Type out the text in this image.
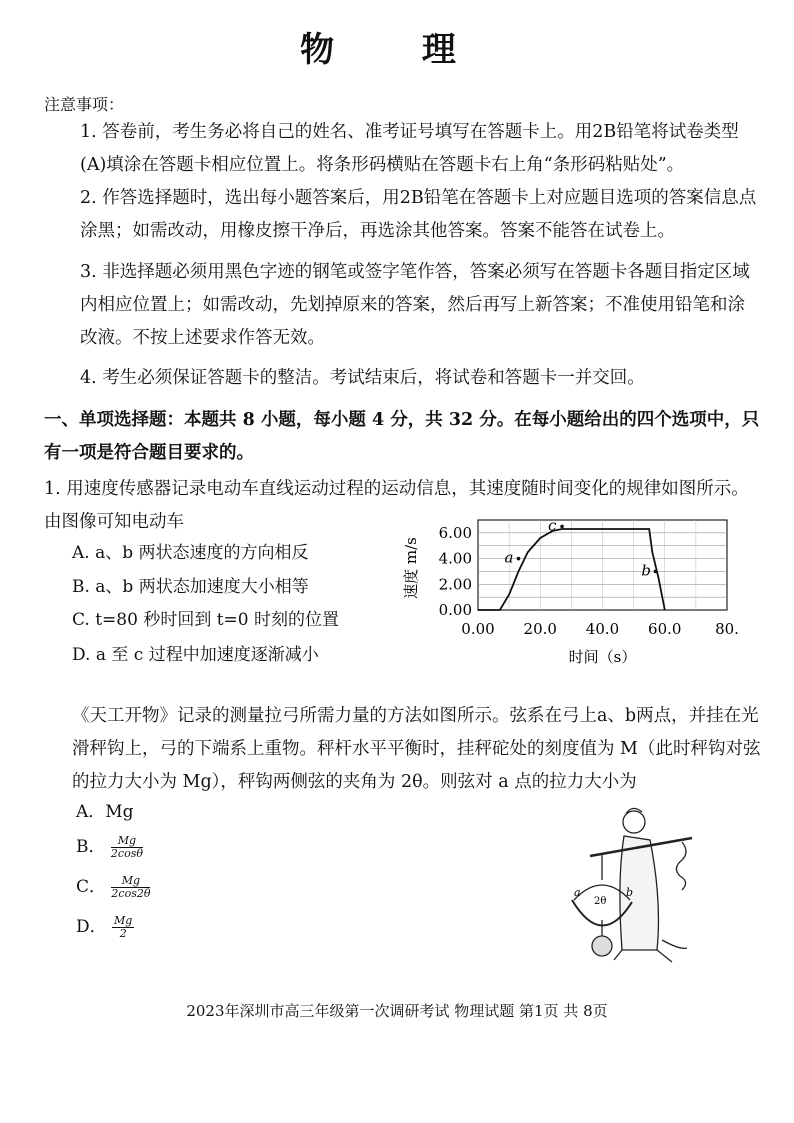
物 理
注意事项：
1. 答卷前，考生务必将自己的姓名、准考证号填写在答题卡上。用2B铅笔将试卷类型(A)填涂在答题卡相应位置上。将条形码横贴在答题卡右上角“条形码粘贴处”。
2. 作答选择题时，选出每小题答案后，用2B铅笔在答题卡上对应题目选项的答案信息点涂黑；如需改动，用橡皮擦干净后，再选涂其他答案。答案不能答在试卷上。
3. 非选择题必须用黑色字迹的钢笔或签字笔作答，答案必须写在答题卡各题目指定区域内相应位置上；如需改动，先划掉原来的答案，然后再写上新答案；不准使用铅笔和涂改液。不按上述要求作答无效。
4. 考生必须保证答题卡的整洁。考试结束后，将试卷和答题卡一并交回。
一、单项选择题：本题共 8 小题，每小题 4 分，共 32 分。在每小题给出的四个选项中，只有一项是符合题目要求的。
1. 用速度传感器记录电动车直线运动过程的运动信息，其速度随时间变化的规律如图所示。由图像可知电动车
A. a、b 两状态速度的方向相反
B. a、b 两状态加速度大小相等
C. t=80 秒时回到 t=0 时刻的位置
D. a 至 c 过程中加速度逐渐减小
0.00
2.00
4.00
6.00
0.00 20.0 40.0 60.0 80.
速度 m/s
时间（s）
a
c
b
《天工开物》记录的测量拉弓所需力量的方法如图所示。弦系在弓上a、b两点，并挂在光滑秤钩上，弓的下端系上重物。秤杆水平平衡时，挂秤砣处的刻度值为 M（此时秤钩对弦的拉力大小为 Mg），秤钩两侧弦的夹角为 2θ。则弦对 a 点的拉力大小为
A．Mg
B． $\frac{Mg}{2\cos\theta}$
C． $\frac{Mg}{2\cos 2\theta}$
D． $\frac{Mg}{2}$
a	b
2θ
2023年深圳市高三年级第一次调研考试 物理试题 第1页 共 8页
